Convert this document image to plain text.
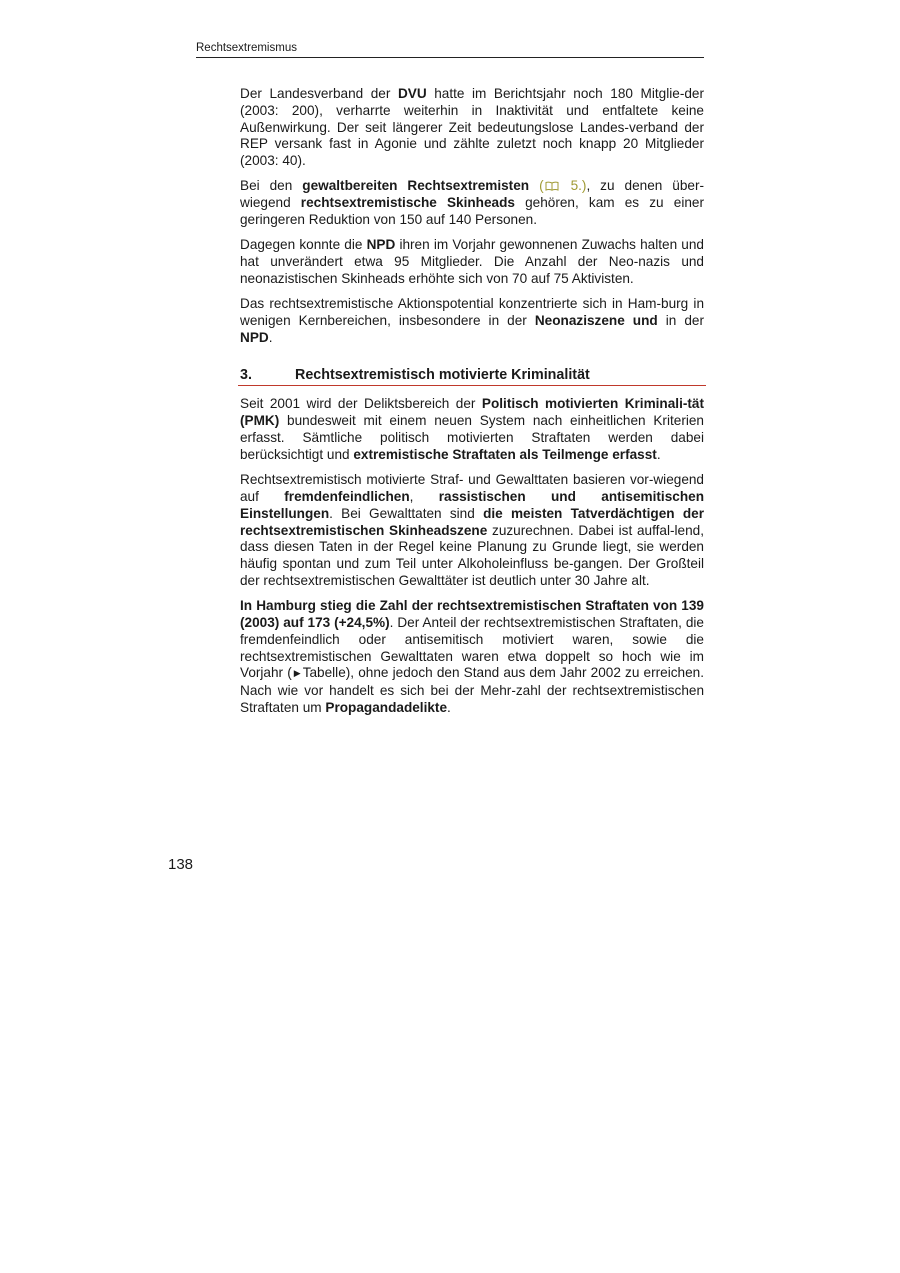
Rechtsextremismus

Der Landesverband der DVU hatte im Berichtsjahr noch 180 Mitglie-der (2003: 200), verharrte weiterhin in Inaktivität und entfaltete keine Außenwirkung. Der seit längerer Zeit bedeutungslose Landes-verband der REP versank fast in Agonie und zählte zuletzt noch knapp 20 Mitglieder (2003: 40).

Bei den gewaltbereiten Rechtsextremisten ( 5.), zu denen über-wiegend rechtsextremistische Skinheads gehören, kam es zu einer geringeren Reduktion von 150 auf 140 Personen.

Dagegen konnte die NPD ihren im Vorjahr gewonnenen Zuwachs halten und hat unverändert etwa 95 Mitglieder. Die Anzahl der Neo-nazis und neonazistischen Skinheads erhöhte sich von 70 auf 75 Aktivisten.

Das rechtsextremistische Aktionspotential konzentrierte sich in Ham-burg in wenigen Kernbereichen, insbesondere in der Neonaziszene und in der NPD.

3.	Rechtsextremistisch motivierte Kriminalität

Seit 2001 wird der Deliktsbereich der Politisch motivierten Kriminali-tät (PMK) bundesweit mit einem neuen System nach einheitlichen Kriterien erfasst. Sämtliche politisch motivierten Straftaten werden dabei berücksichtigt und extremistische Straftaten als Teilmenge erfasst.

Rechtsextremistisch motivierte Straf- und Gewalttaten basieren vor-wiegend auf fremdenfeindlichen, rassistischen und antisemitischen Einstellungen. Bei Gewalttaten sind die meisten Tatverdächtigen der rechtsextremistischen Skinheadszene zuzurechnen. Dabei ist auffal-lend, dass diesen Taten in der Regel keine Planung zu Grunde liegt, sie werden häufig spontan und zum Teil unter Alkoholeinfluss be-gangen. Der Großteil der rechtsextremistischen Gewalttäter ist deutlich unter 30 Jahre alt.

In Hamburg stieg die Zahl der rechtsextremistischen Straftaten von 139 (2003) auf 173 (+24,5%). Der Anteil der rechtsextremistischen Straftaten, die fremdenfeindlich oder antisemitisch motiviert waren, sowie die rechtsextremistischen Gewalttaten waren etwa doppelt so hoch wie im Vorjahr ( ▶ Tabelle), ohne jedoch den Stand aus dem Jahr 2002 zu erreichen. Nach wie vor handelt es sich bei der Mehr-zahl der rechtsextremistischen Straftaten um Propagandadelikte.

138
